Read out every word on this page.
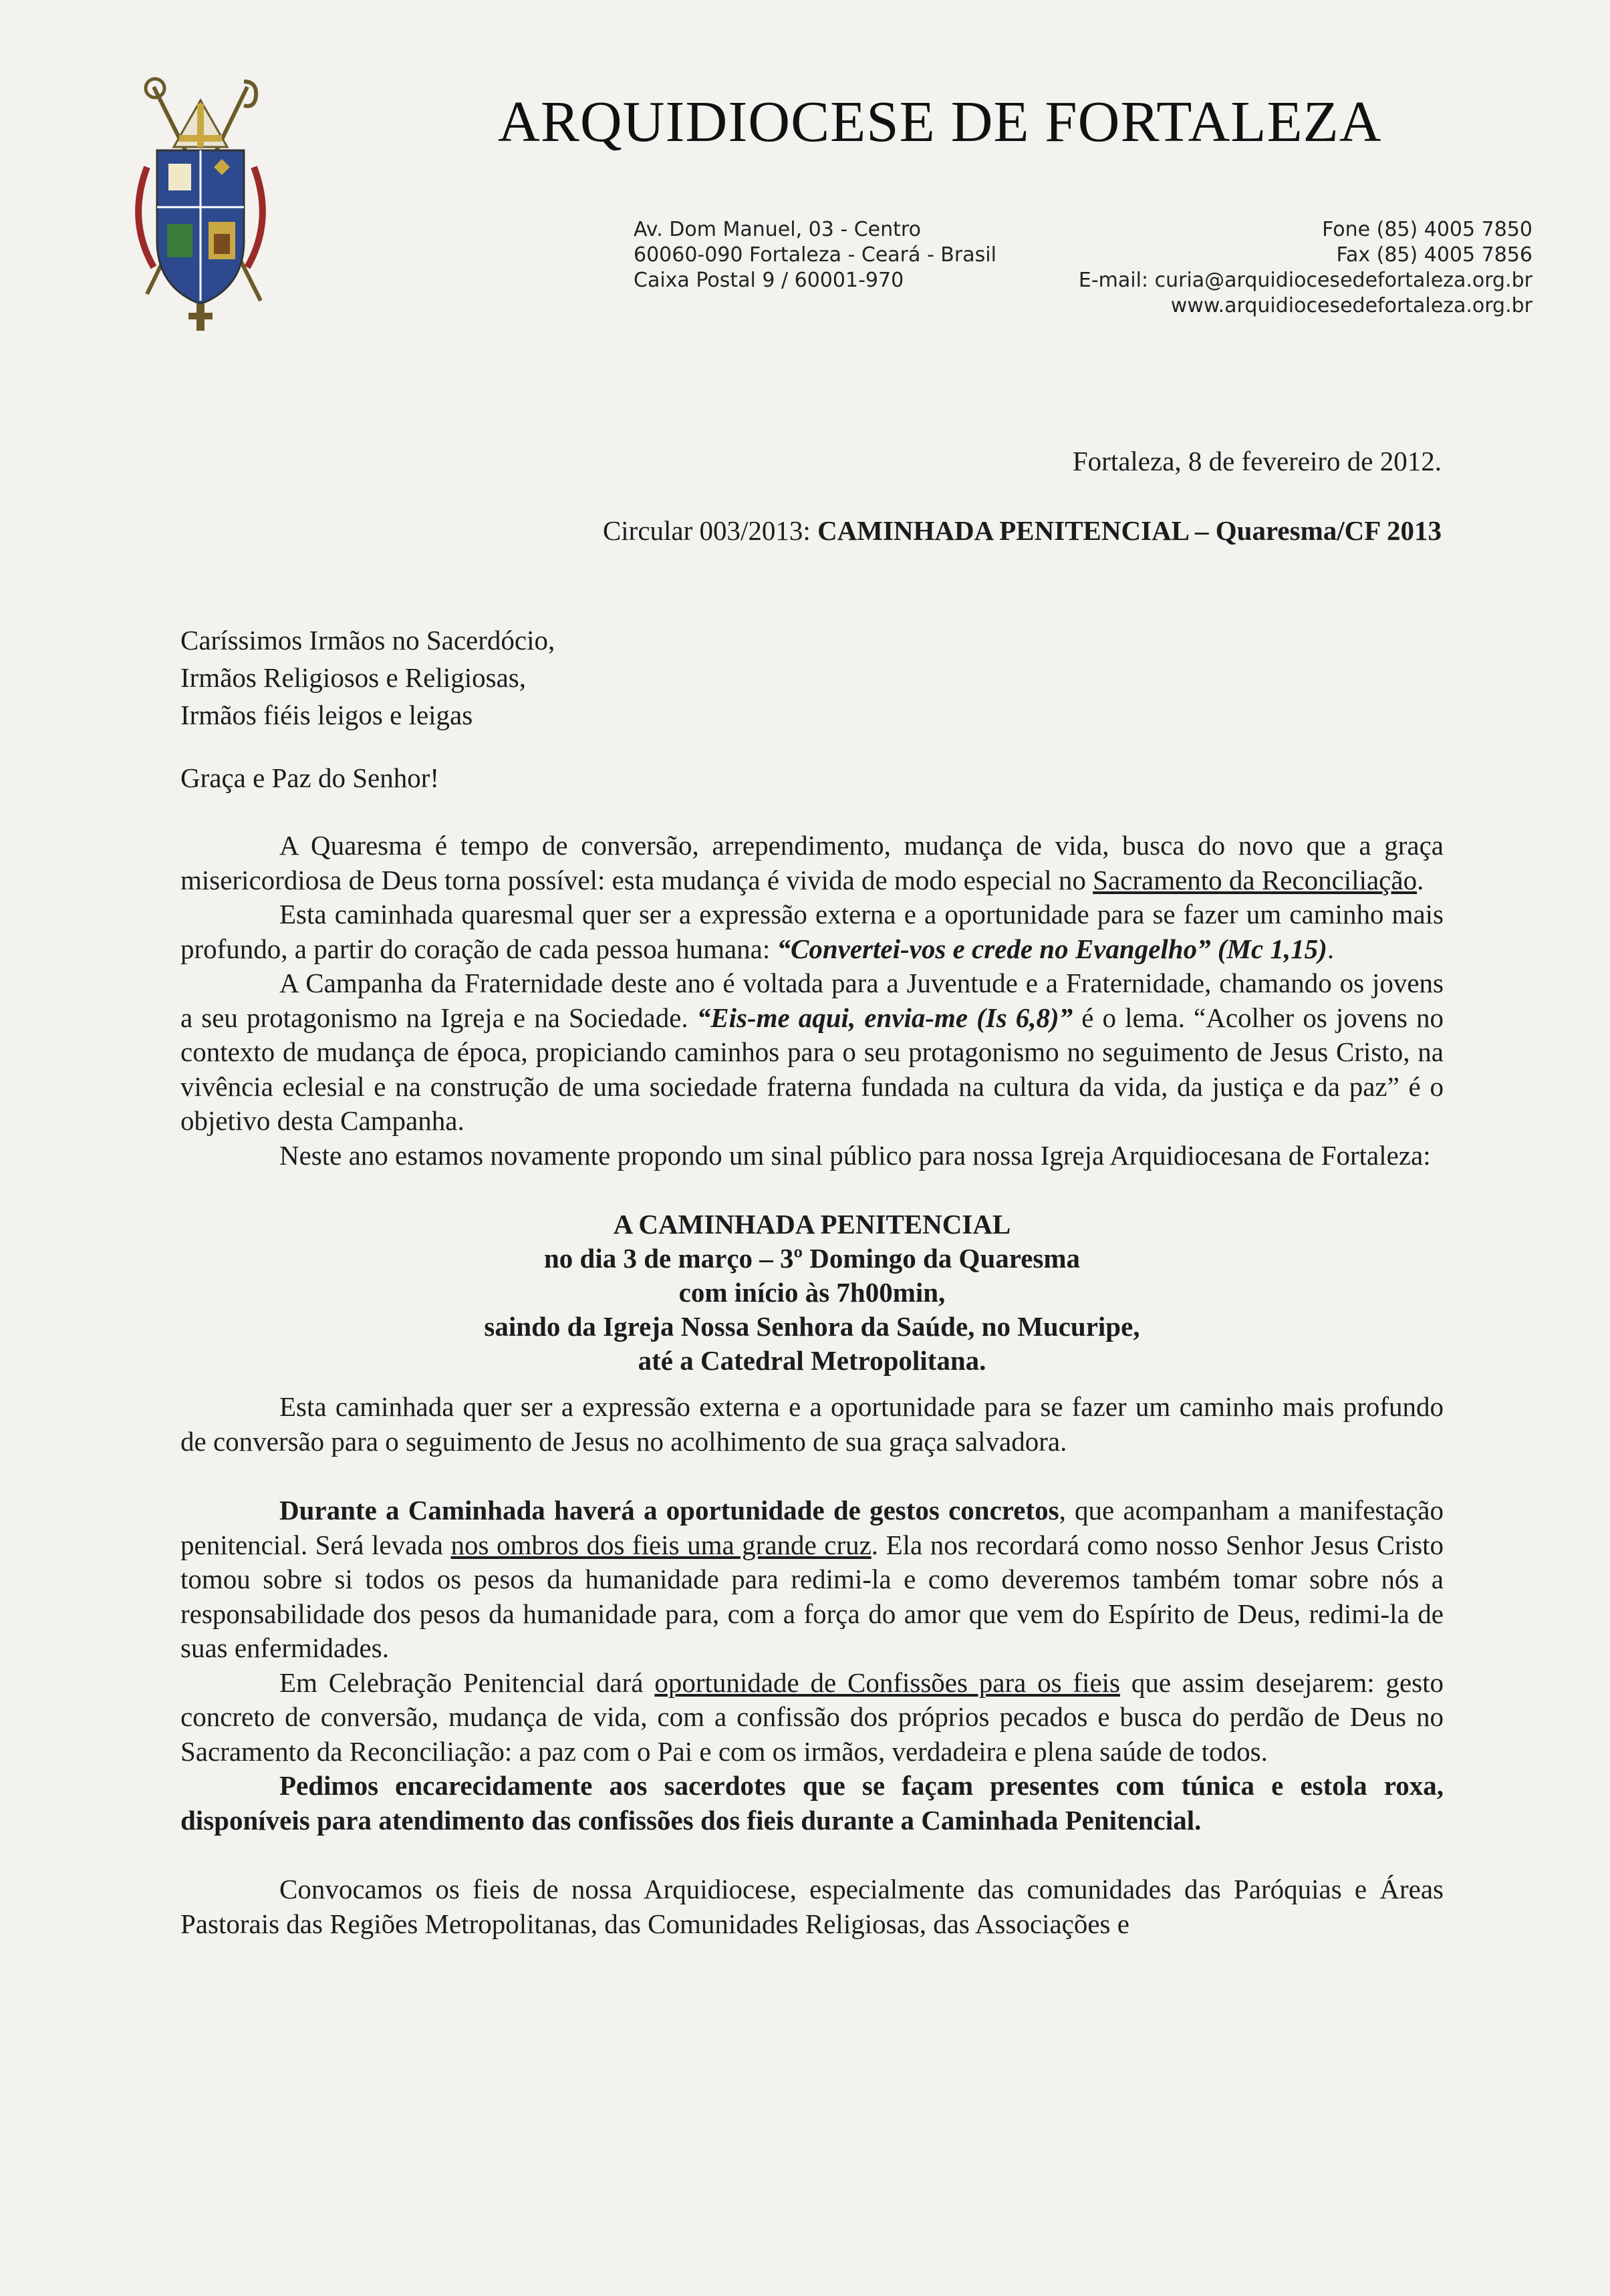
ARQUIDIOCESE DE FORTALEZA
Av. Dom Manuel, 03 - Centro
60060-090 Fortaleza - Ceará - Brasil
Caixa Postal 9 / 60001-970
Fone (85) 4005 7850
Fax (85) 4005 7856
E-mail: curia@arquidiocesedefortaleza.org.br
www.arquidiocesedefortaleza.org.br
Fortaleza, 8 de fevereiro de 2012.
Circular 003/2013: CAMINHADA PENITENCIAL – Quaresma/CF 2013
Caríssimos Irmãos no Sacerdócio,
Irmãos Religiosos e Religiosas,
Irmãos fiéis leigos e leigas
Graça e Paz do Senhor!

A Quaresma é tempo de conversão, arrependimento, mudança de vida, busca do novo que a graça misericordiosa de Deus torna possível: esta mudança é vivida de modo especial no Sacramento da Reconciliação.

Esta caminhada quaresmal quer ser a expressão externa e a oportunidade para se fazer um caminho mais profundo, a partir do coração de cada pessoa humana: “Convertei-vos e crede no Evangelho” (Mc 1,15).

A Campanha da Fraternidade deste ano é voltada para a Juventude e a Fraternidade, chamando os jovens a seu protagonismo na Igreja e na Sociedade. “Eis-me aqui, envia-me (Is 6,8)” é o lema. “Acolher os jovens no contexto de mudança de época, propiciando caminhos para o seu protagonismo no seguimento de Jesus Cristo, na vivência eclesial e na construção de uma sociedade fraterna fundada na cultura da vida, da justiça e da paz” é o objetivo desta Campanha.

Neste ano estamos novamente propondo um sinal público para nossa Igreja Arquidiocesana de Fortaleza:

A CAMINHADA PENITENCIAL
no dia 3 de março – 3º Domingo da Quaresma
com início às 7h00min,
saindo da Igreja Nossa Senhora da Saúde, no Mucuripe,
até a Catedral Metropolitana.

Esta caminhada quer ser a expressão externa e a oportunidade para se fazer um caminho mais profundo de conversão para o seguimento de Jesus no acolhimento de sua graça salvadora.

Durante a Caminhada haverá a oportunidade de gestos concretos, que acompanham a manifestação penitencial. Será levada nos ombros dos fieis uma grande cruz. Ela nos recordará como nosso Senhor Jesus Cristo tomou sobre si todos os pesos da humanidade para redimi-la e como deveremos também tomar sobre nós a responsabilidade dos pesos da humanidade para, com a força do amor que vem do Espírito de Deus, redimi-la de suas enfermidades.

Em Celebração Penitencial dará oportunidade de Confissões para os fieis que assim desejarem: gesto concreto de conversão, mudança de vida, com a confissão dos próprios pecados e busca do perdão de Deus no Sacramento da Reconciliação: a paz com o Pai e com os irmãos, verdadeira e plena saúde de todos.

Pedimos encarecidamente aos sacerdotes que se façam presentes com túnica e estola roxa, disponíveis para atendimento das confissões dos fieis durante a Caminhada Penitencial.

Convocamos os fieis de nossa Arquidiocese, especialmente das comunidades das Paróquias e Áreas Pastorais das Regiões Metropolitanas, das Comunidades Religiosas, das Associações e
